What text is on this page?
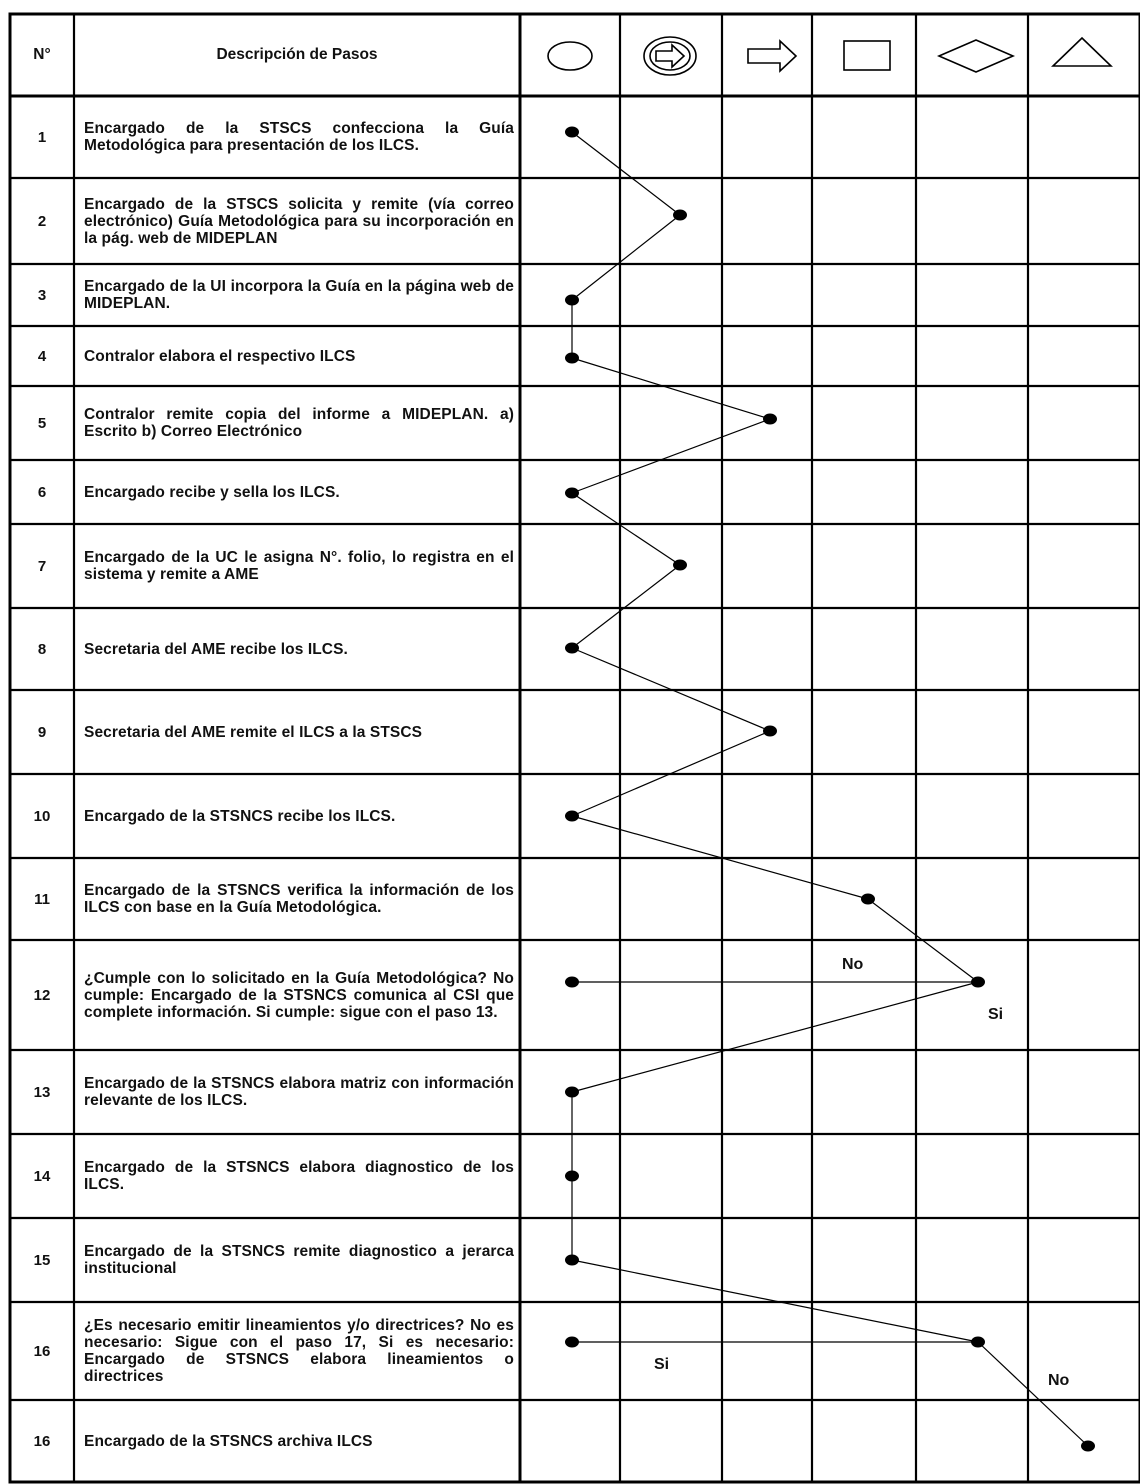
No
Si
Si
No
N°	Descripción de Pasos
1 Encargado de la STSCS confecciona la Guía Metodológica para presentación de los ILCS.
2
Encargado de la STSCS solicita y remite (vía correo electrónico) Guía Metodológica para su incorporación en la pág. web de MIDEPLAN
3 Encargado de la UI incorpora la Guía en la página web de MIDEPLAN.
4 Contralor elabora el respectivo ILCS
5 Contralor remite copia del informe a MIDEPLAN. a) Escrito b) Correo Electrónico
6 Encargado recibe y sella los ILCS.
7 Encargado de la UC le asigna N°. folio, lo registra en el sistema y remite a AME
8 Secretaria del AME recibe los ILCS.
9 Secretaria del AME remite el ILCS a la STSCS
10 Encargado de la STSNCS recibe los ILCS.
11 Encargado de la STSNCS verifica la información de los ILCS con base en la Guía Metodológica.
12
¿Cumple con lo solicitado en la Guía Metodológica? No cumple: Encargado de la STSNCS comunica al CSI que complete información. Si cumple: sigue con el paso 13.
13 Encargado de la STSNCS elabora matriz con información relevante de los ILCS.
14 Encargado de la STSNCS elabora diagnostico de los ILCS.
15 Encargado de la STSNCS remite diagnostico a jerarca institucional
16
¿Es necesario emitir lineamientos y/o directrices? No es necesario: Sigue con el paso 17, Si es necesario: Encargado de STSNCS elabora lineamientos o directrices
16 Encargado de la STSNCS archiva ILCS
